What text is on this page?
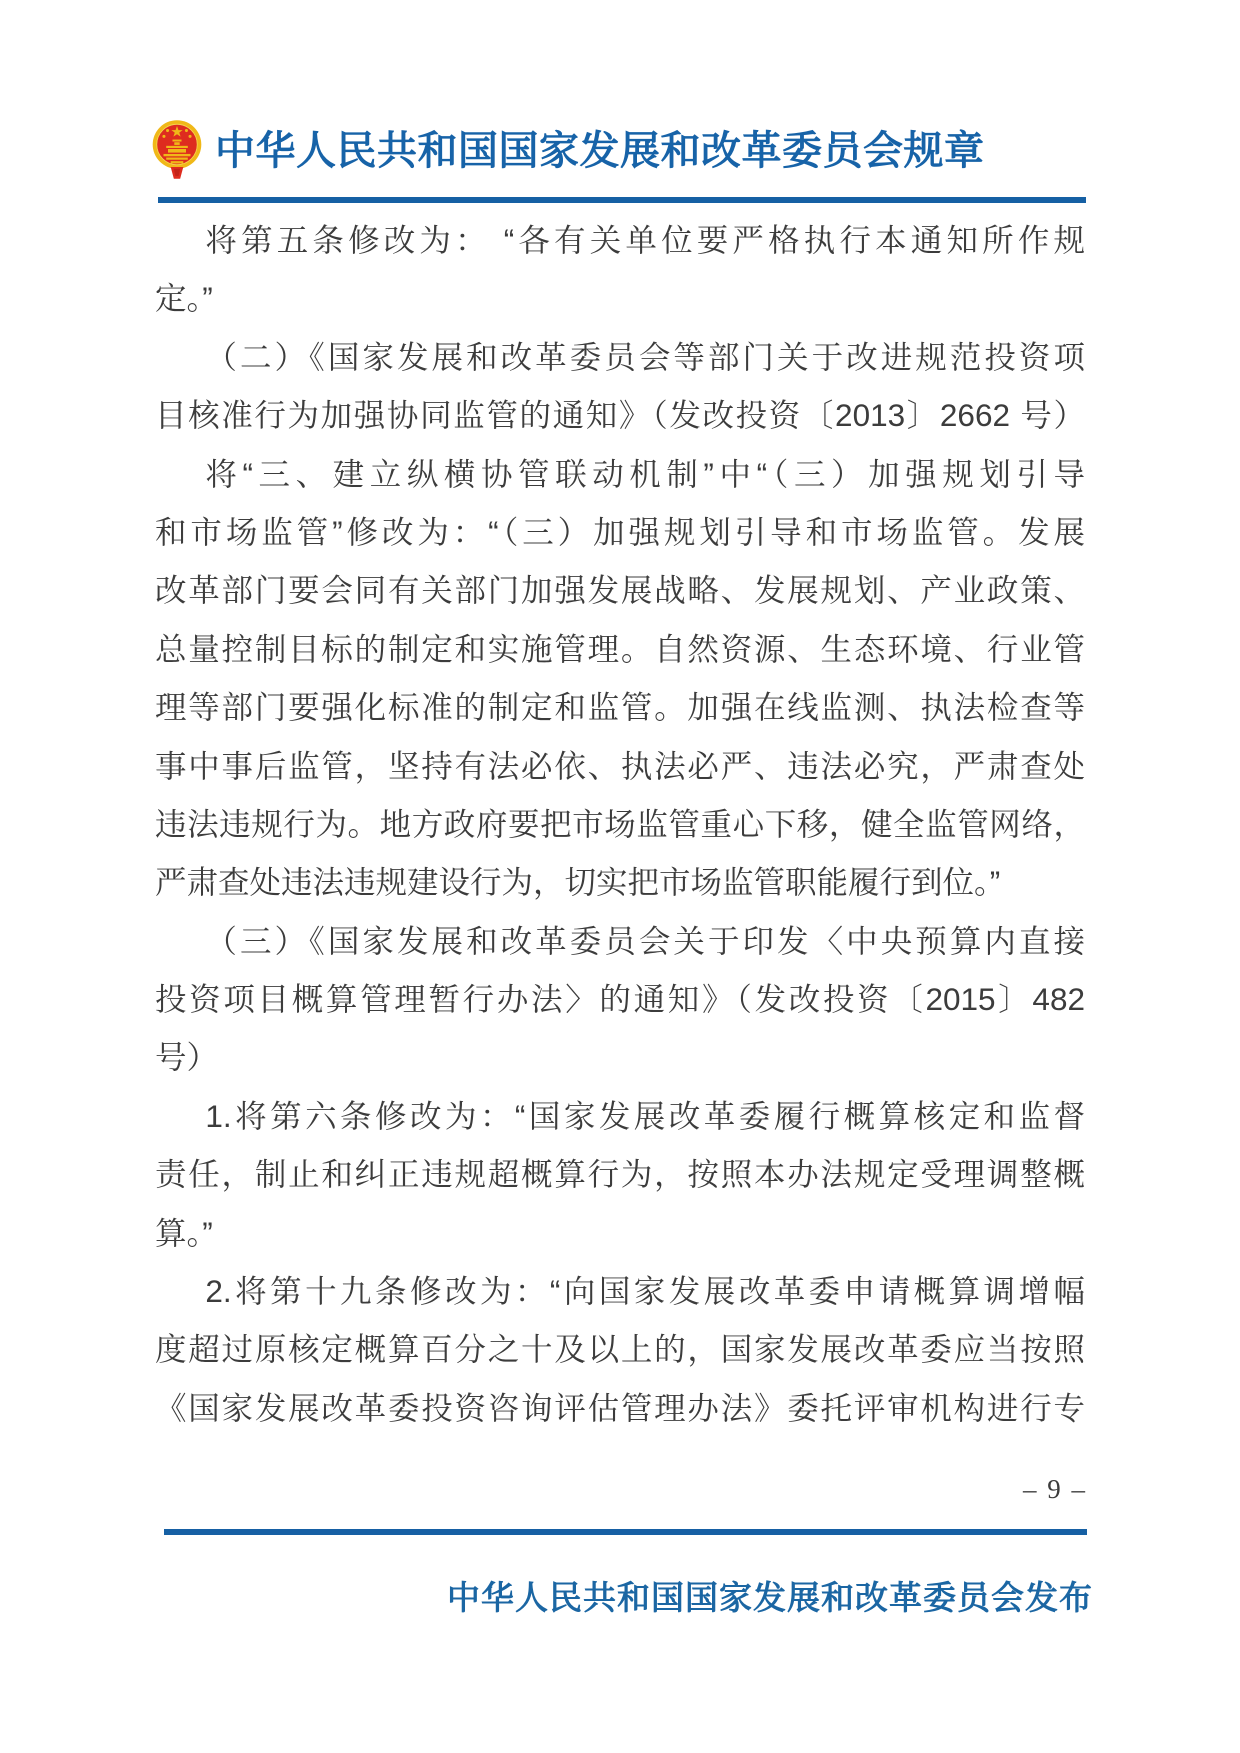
中华人民共和国国家发展和改革委员会规章
将第五条修改为： “各有关单位要严格执行本通知所作规
定。”
（二）《国家发展和改革委员会等部门关于改进规范投资项
目核准行为加强协同监管的通知》（发改投资〔2013〕2662 号）
将“三、建立纵横协管联动机制”中“（三）加强规划引导
和市场监管”修改为：“（三）加强规划引导和市场监管。发展
改革部门要会同有关部门加强发展战略、发展规划、产业政策、
总量控制目标的制定和实施管理。自然资源、生态环境、行业管
理等部门要强化标准的制定和监管。加强在线监测、执法检查等
事中事后监管，坚持有法必依、执法必严、违法必究，严肃查处
违法违规行为。地方政府要把市场监管重心下移，健全监管网络，
严肃查处违法违规建设行为，切实把市场监管职能履行到位。”
（三）《国家发展和改革委员会关于印发〈中央预算内直接
投资项目概算管理暂行办法〉的通知》（发改投资〔2015〕482
号）
1.将第六条修改为：“国家发展改革委履行概算核定和监督
责任，制止和纠正违规超概算行为，按照本办法规定受理调整概
算。”
2.将第十九条修改为：“向国家发展改革委申请概算调增幅
度超过原核定概算百分之十及以上的，国家发展改革委应当按照
《国家发展改革委投资咨询评估管理办法》委托评审机构进行专
– 9 –
中华人民共和国国家发展和改革委员会发布
